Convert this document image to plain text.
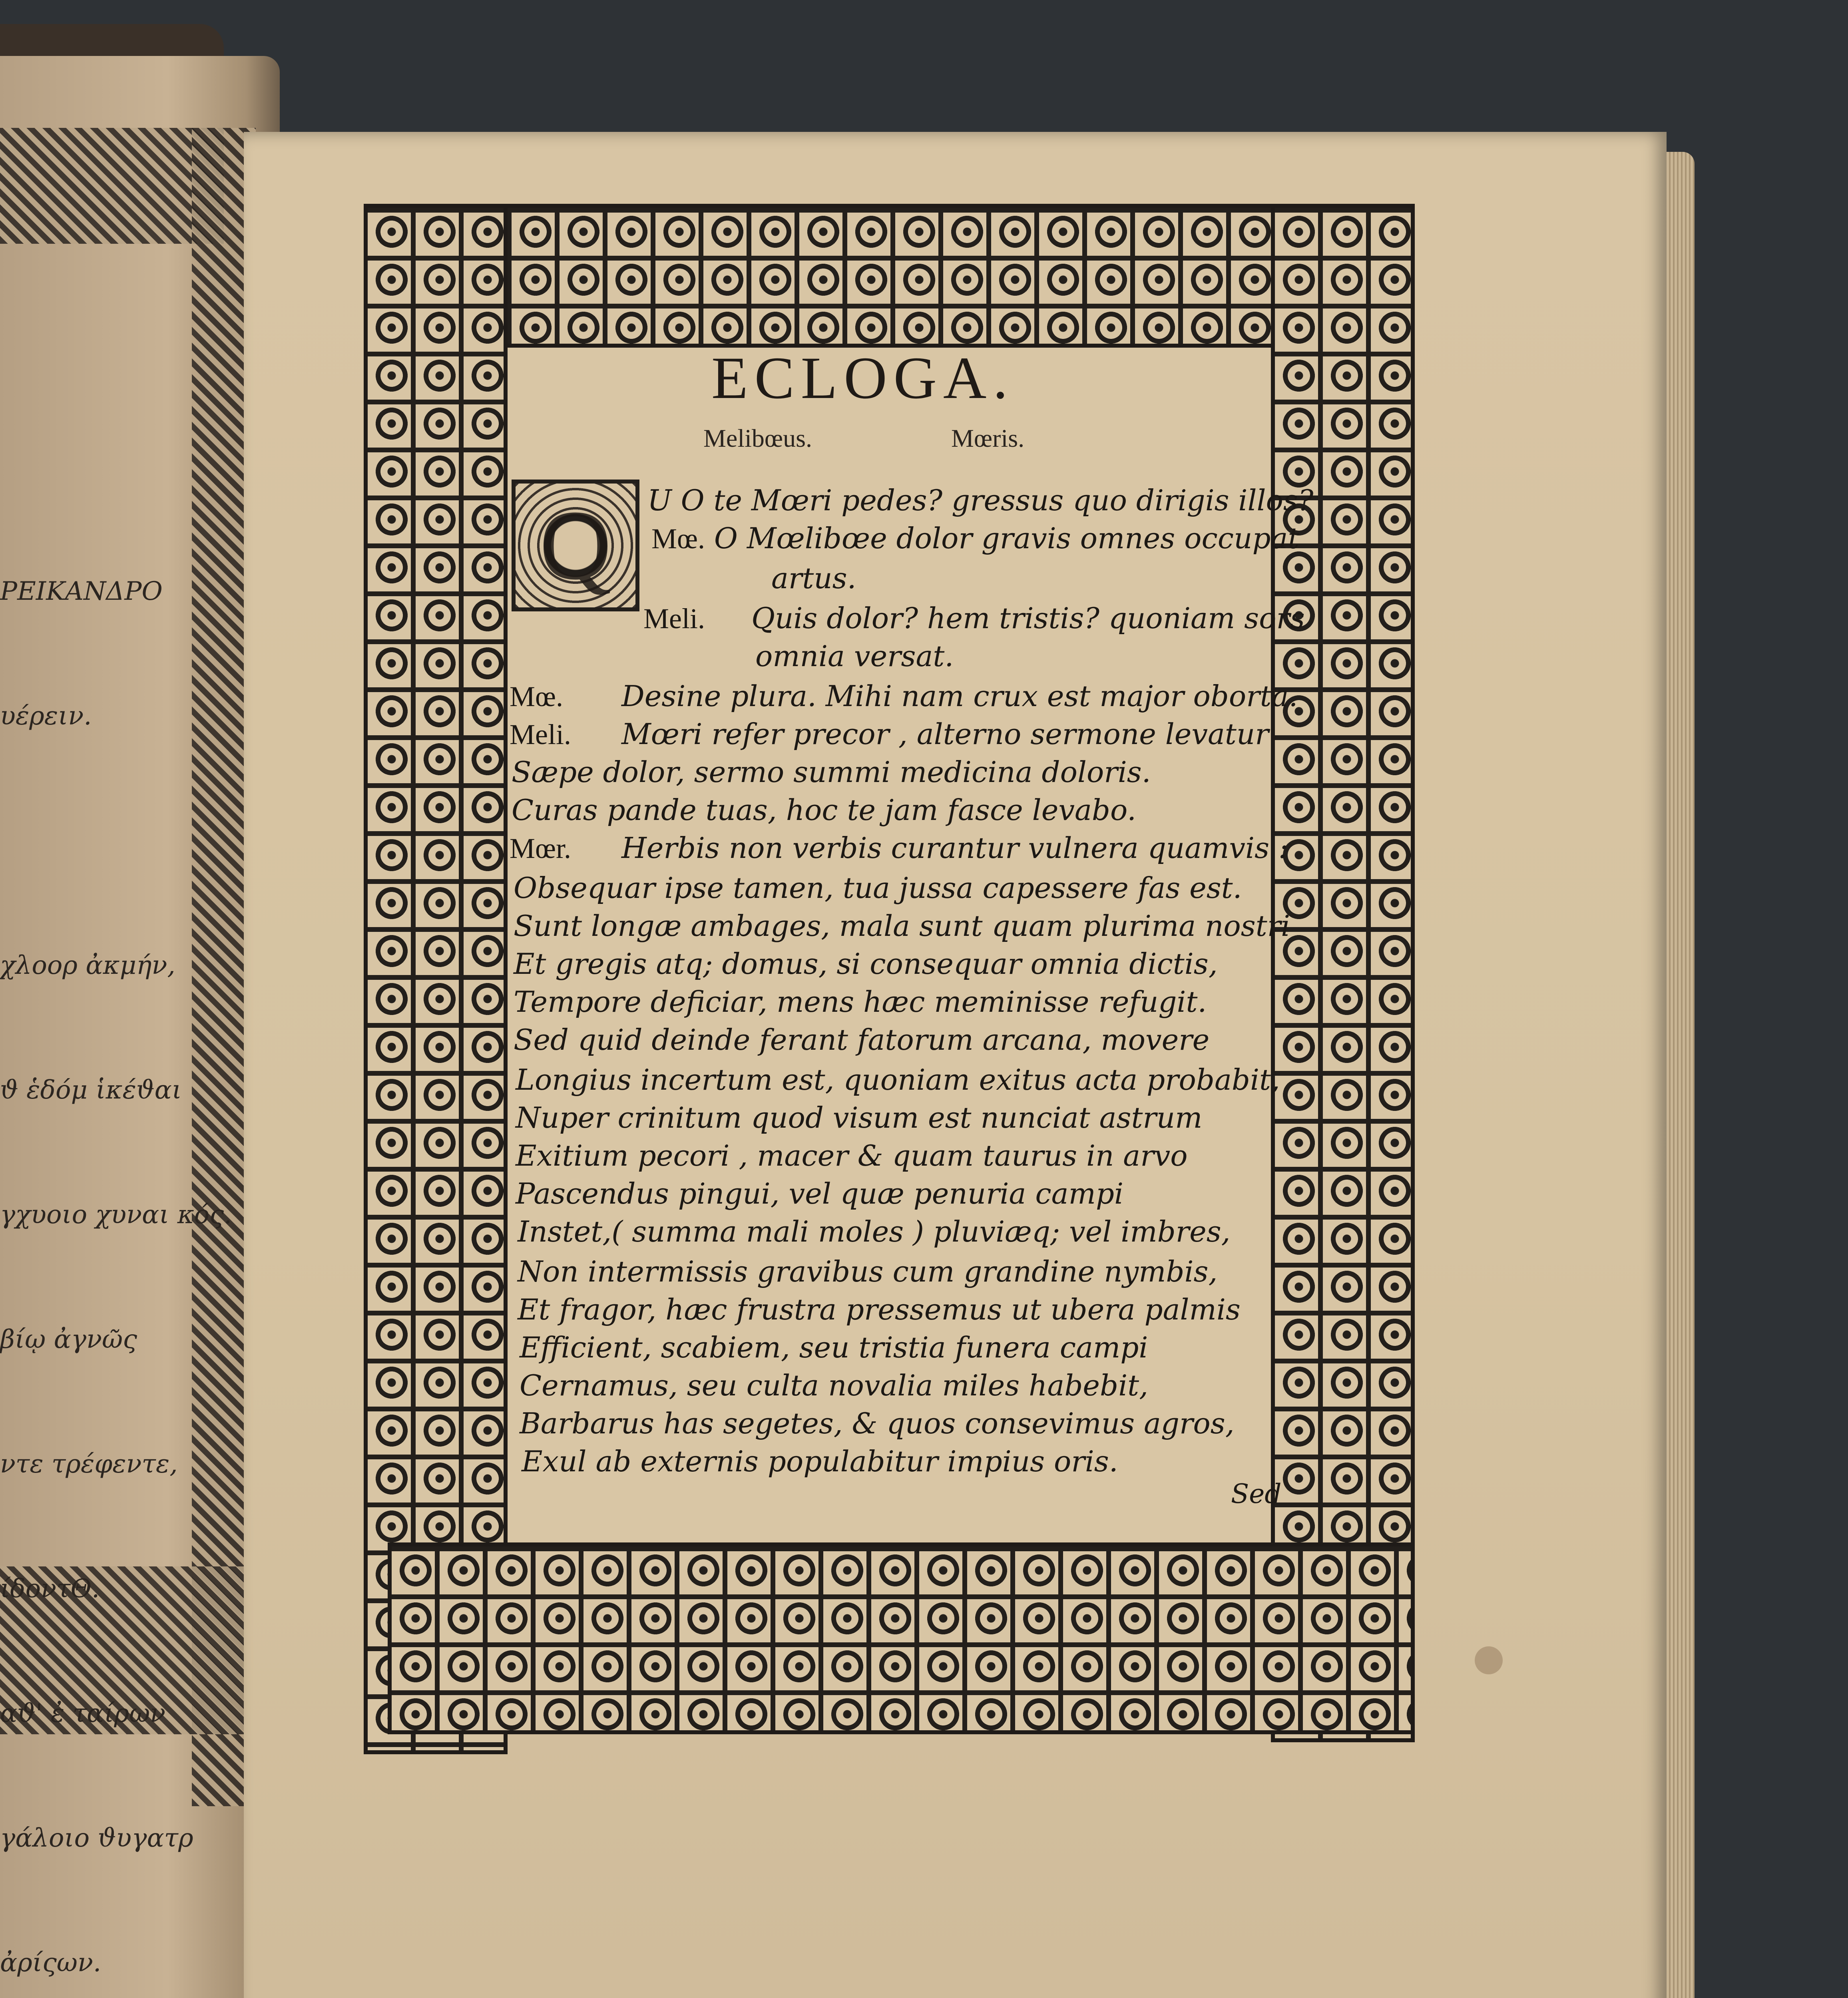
ΡΕΙΚΑΝΔΡΟ

υέρειν.

χλοορ ἀκμήν,

ϑ ἑδόμ ἱκέϑαι

γχυοιο χυναι κός.

βίῳ ἀγνῶς

ντε τρέφεντε,

ίδοντΘ.

αϑ' ἐ ταίρων

γάλοιο ϑυγατρ

ἀρίςων.

ECLOGA.
Melibœus.	Mœris.
Q	U O te Mœri pedes? gressus quo dirigis illos?
Mœ. O Mœlibœe dolor gravis omnes occupat
artus.
Meli. Quis dolor? hem tristis? quoniam sors
omnia versat.
Mœ. Desine plura. Mihi nam crux est major oborta.
Meli. Mœri refer precor , alterno sermone levatur
Sæpe dolor, sermo summi medicina doloris.
Curas pande tuas, hoc te jam fasce levabo.
Mœr. Herbis non verbis curantur vulnera quamvis :
Obsequar ipse tamen, tua jussa capessere fas est.
Sunt longæ ambages, mala sunt quam plurima nostri
Et gregis atq; domus, si consequar omnia dictis,
Tempore deficiar, mens hæc meminisse refugit.
Sed quid deinde ferant fatorum arcana, movere
Longius incertum est, quoniam exitus acta probabit,
Nuper crinitum quod visum est nunciat astrum
Exitium pecori , macer & quam taurus in arvo
Pascendus pingui, vel quæ penuria campi
Instet,( summa mali moles ) pluviæq; vel imbres,
Non intermissis gravibus cum grandine nymbis,
Et fragor, hæc frustra pressemus ut ubera palmis
Efficient, scabiem, seu tristia funera campi
Cernamus, seu culta novalia miles habebit,
Barbarus has segetes, & quos consevimus agros,
Exul ab externis populabitur impius oris.
Sed
